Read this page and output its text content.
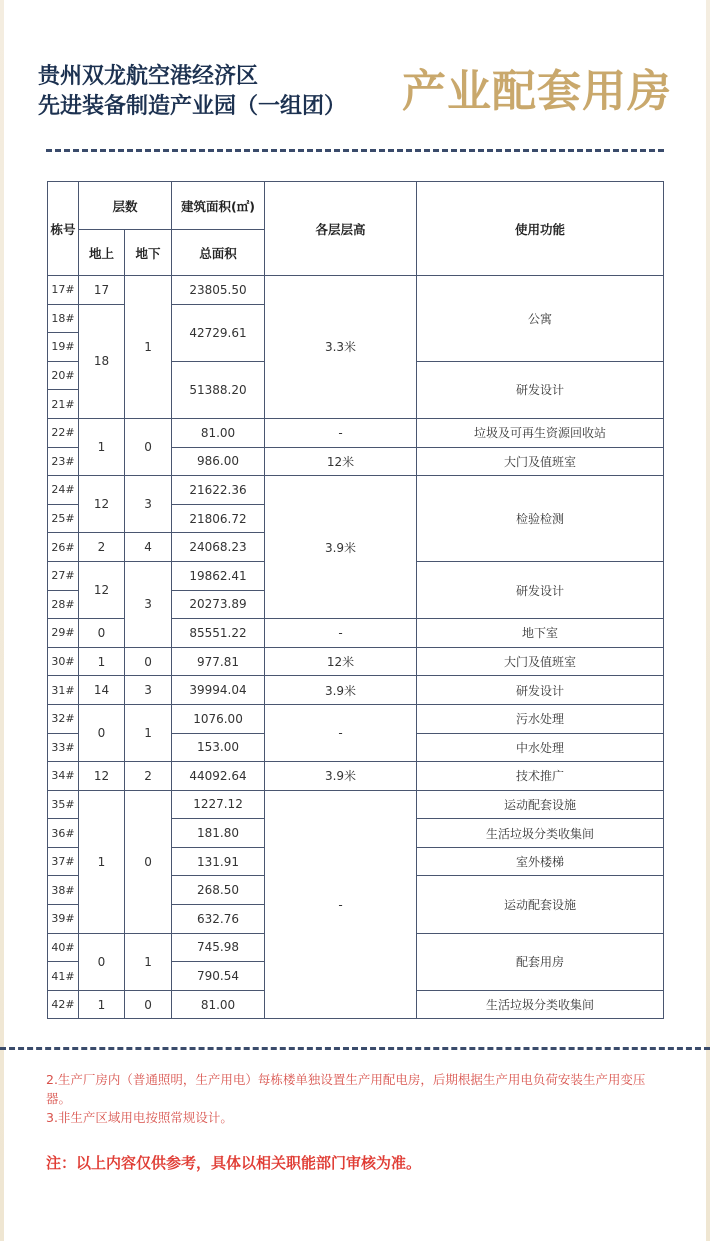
贵州双龙航空港经济区
先进装备制造产业园（一组团） 产业配套用房
栋号	层数		建筑面积(㎡)	各层层高	使用功能
	地上	地下	总面积		
17#	17	1	23805.50	3.3米	公寓
18#	18		42729.61		
19#					
20#			51388.20		研发设计
21#					
22#	1	0	81.00	-	垃圾及可再生资源回收站
23#			986.00	12米	大门及值班室
24#	12	3	21622.36	3.9米	检验检测
25#			21806.72		
26#	2	4	24068.23		
27#	12	3	19862.41		研发设计
28#			20273.89		
29#	0		85551.22	-	地下室
30#	1	0	977.81	12米	大门及值班室
31#	14	3	39994.04	3.9米	研发设计
32#	0	1	1076.00	-	污水处理
33#			153.00		中水处理
34#	12	2	44092.64	3.9米	技术推广
35#	1	0	1227.12	-	运动配套设施
36#			181.80		生活垃圾分类收集间
37#			131.91		室外楼梯
38#			268.50		运动配套设施
39#			632.76		
40#	0	1	745.98		配套用房
41#			790.54		
42#	1	0	81.00		生活垃圾分类收集间

2.生产厂房内（普通照明，生产用电）每栋楼单独设置生产用配电房，后期根据生产用电负荷安装生产用变压器。

3.非生产区域用电按照常规设计。

注：以上内容仅供参考，具体以相关职能部门审核为准。
